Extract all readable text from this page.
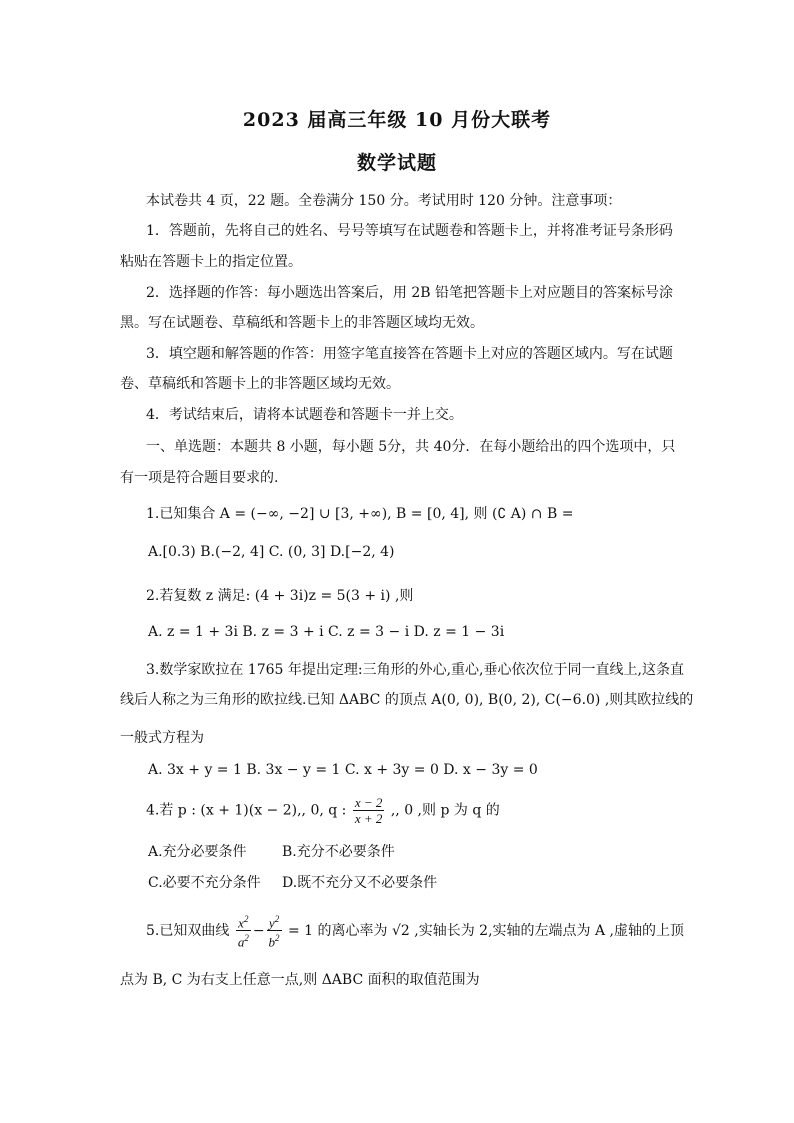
2023 届高三年级 10 月份大联考
数学试题
本试卷共 4 页，22 题。全卷满分 150 分。考试用时 120 分钟。注意事项：
1．答题前，先将自己的姓名、号号等填写在试题卷和答题卡上，并将准考证号条形码
粘贴在答题卡上的指定位置。
2．选择题的作答：每小题选出答案后，用 2B 铅笔把答题卡上对应题目的答案标号涂
黑。写在试题卷、草稿纸和答题卡上的非答题区域均无效。
3．填空题和解答题的作答：用签字笔直接答在答题卡上对应的答题区域内。写在试题
卷、草稿纸和答题卡上的非答题区域均无效。
4．考试结束后，请将本试题卷和答题卡一并上交。
一、单选题：本题共 8 小题，每小题 5分，共 40分．在每小题给出的四个选项中，只
有一项是符合题目要求的.
1.已知集合 A = (−∞, −2] ∪ [3, +∞), B = [0, 4], 则 (∁ A) ∩ B =
A.[0.3) B.(−2, 4] C. (0, 3] D.[−2, 4)
2.若复数 z 满足: (4 + 3i)z = 5(3 + i) ,则
A. z = 1 + 3i B. z = 3 + i C. z = 3 − i D. z = 1 − 3i
3.数学家欧拉在 1765 年提出定理:三角形的外心,重心,垂心依次位于同一直线上,这条直
线后人称之为三角形的欧拉线.已知 ΔABC 的顶点 A(0, 0), B(0, 2), C(−6.0) ,则其欧拉线的
一般式方程为
A. 3x + y = 1 B. 3x − y = 1 C. x + 3y = 0 D. x − 3y = 0
4.若 p : (x + 1)(x − 2),, 0, q : $\frac{x - 2}{x + 2}$ ,, 0 ,则 p 为 q 的
A.充分必要条件	B.充分不必要条件
C.必要不充分条件 D.既不充分又不必要条件
5.已知双曲线 $\frac{x^2}{a^2} - \frac{y^2}{b^2} = 1$ 的离心率为 √2 ,实轴长为 2,实轴的左端点为 A ,虚轴的上顶
点为 B, C 为右支上任意一点,则 ΔABC 面积的取值范围为
